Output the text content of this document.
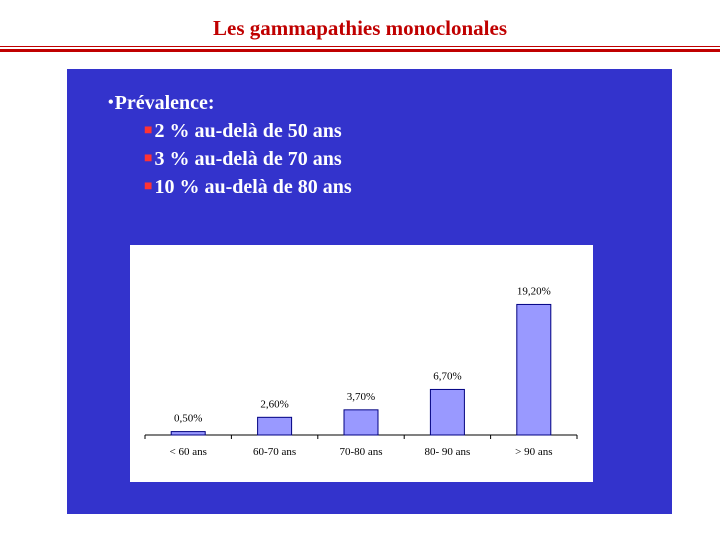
Les gammapathies monoclonales
•Prévalence:
■ 2 % au-delà de 50 ans
■ 3 % au-delà de 70 ans
■ 10 % au-delà de 80 ans
0,50%
< 60 ans
2,60%
60-70 ans
3,70%
70-80 ans
6,70%
80- 90 ans
19,20%
> 90 ans
